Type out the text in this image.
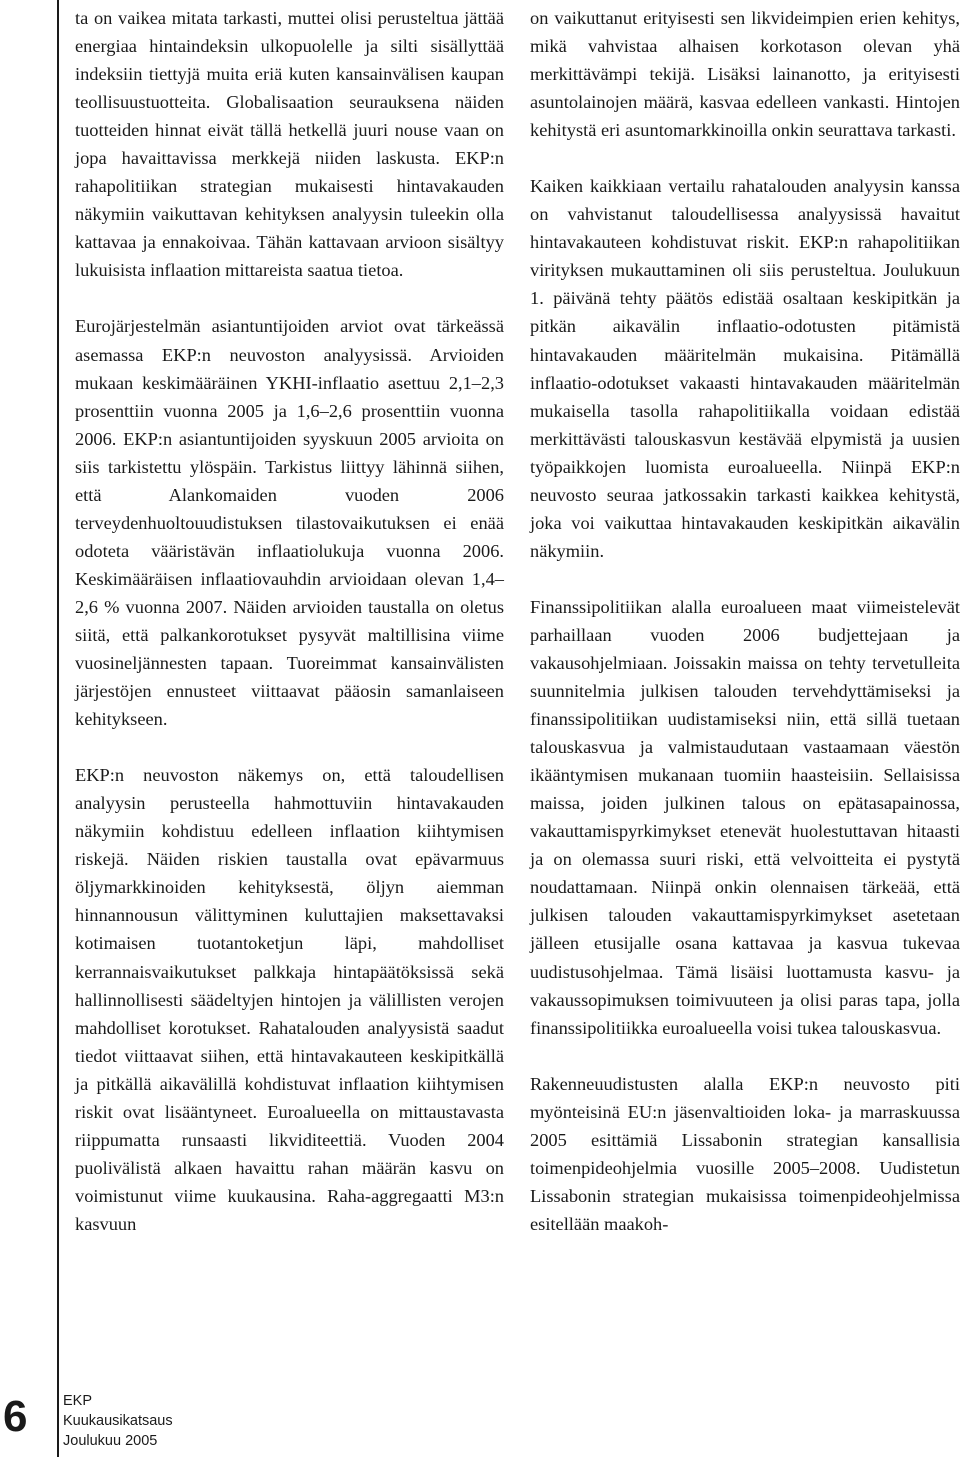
ta on vaikea mitata tarkasti, muttei olisi perusteltua jättää energiaa hintaindeksin ulkopuolelle ja silti sisällyttää indeksiin tiettyjä muita eriä kuten kansainvälisen kaupan teollisuustuotteita. Globalisaation seurauksena näiden tuotteiden hinnat eivät tällä hetkellä juuri nouse vaan on jopa havaittavissa merkkejä niiden laskusta. EKP:n rahapolitiikan strategian mukaisesti hintavakauden näkymiin vaikuttavan kehityksen analyysin tuleekin olla kattavaa ja ennakoivaa. Tähän kattavaan arvioon sisältyy lukuisista inflaation mittareista saatua tietoa.

Eurojärjestelmän asiantuntijoiden arviot ovat tärkeässä asemassa EKP:n neuvoston analyysissä. Arvioiden mukaan keskimääräinen YKHI-inflaatio asettuu 2,1–2,3 prosenttiin vuonna 2005 ja 1,6–2,6 prosenttiin vuonna 2006. EKP:n asiantuntijoiden syyskuun 2005 arvioita on siis tarkistettu ylöspäin. Tarkistus liittyy lähinnä siihen, että Alankomaiden vuoden 2006 terveydenhuoltouudistuksen tilastovaikutuksen ei enää odoteta vääristävän inflaatiolukuja vuonna 2006. Keskimääräisen inflaatiovauhdin arvioidaan olevan 1,4–2,6 % vuonna 2007. Näiden arvioiden taustalla on oletus siitä, että palkankorotukset pysyvät maltillisina viime vuosineljännesten tapaan. Tuoreimmat kansainvälisten järjestöjen ennusteet viittaavat pääosin samanlaiseen kehitykseen.

EKP:n neuvoston näkemys on, että taloudellisen analyysin perusteella hahmottuviin hintavakauden näkymiin kohdistuu edelleen inflaation kiihtymisen riskejä. Näiden riskien taustalla ovat epävarmuus öljymarkkinoiden kehityksestä, öljyn aiemman hinnannousun välittyminen kuluttajien maksettavaksi kotimaisen tuotantoketjun läpi, mahdolliset kerrannaisvaikutukset palkkaja hintapäätöksissä sekä hallinnollisesti säädeltyjen hintojen ja välillisten verojen mahdolliset korotukset. Rahatalouden analyysistä saadut tiedot viittaavat siihen, että hintavakauteen keskipitkällä ja pitkällä aikavälillä kohdistuvat inflaation kiihtymisen riskit ovat lisääntyneet. Euroalueella on mittaustavasta riippumatta runsaasti likviditeettiä. Vuoden 2004 puolivälistä alkaen havaittu rahan määrän kasvu on voimistunut viime kuukausina. Raha-aggregaatti M3:n kasvuun

on vaikuttanut erityisesti sen likvideimpien erien kehitys, mikä vahvistaa alhaisen korkotason olevan yhä merkittävämpi tekijä. Lisäksi lainanotto, ja erityisesti asuntolainojen määrä, kasvaa edelleen vankasti. Hintojen kehitystä eri asuntomarkkinoilla onkin seurattava tarkasti.

Kaiken kaikkiaan vertailu rahatalouden analyysin kanssa on vahvistanut taloudellisessa analyysissä havaitut hintavakauteen kohdistuvat riskit. EKP:n rahapolitiikan virityksen mukauttaminen oli siis perusteltua. Joulukuun 1. päivänä tehty päätös edistää osaltaan keskipitkän ja pitkän aikavälin inflaatio-odotusten pitämistä hintavakauden määritelmän mukaisina. Pitämällä inflaatio-odotukset vakaasti hintavakauden määritelmän mukaisella tasolla rahapolitiikalla voidaan edistää merkittävästi talouskasvun kestävää elpymistä ja uusien työpaikkojen luomista euroalueella. Niinpä EKP:n neuvosto seuraa jatkossakin tarkasti kaikkea kehitystä, joka voi vaikuttaa hintavakauden keskipitkän aikavälin näkymiin.

Finanssipolitiikan alalla euroalueen maat viimeistelevät parhaillaan vuoden 2006 budjettejaan ja vakausohjelmiaan. Joissakin maissa on tehty tervetulleita suunnitelmia julkisen talouden tervehdyttämiseksi ja finanssipolitiikan uudistamiseksi niin, että sillä tuetaan talouskasvua ja valmistaudutaan vastaamaan väestön ikääntymisen mukanaan tuomiin haasteisiin. Sellaisissa maissa, joiden julkinen talous on epätasapainossa, vakauttamispyrkimykset etenevät huolestuttavan hitaasti ja on olemassa suuri riski, että velvoitteita ei pystytä noudattamaan. Niinpä onkin olennaisen tärkeää, että julkisen talouden vakauttamispyrkimykset asetetaan jälleen etusijalle osana kattavaa ja kasvua tukevaa uudistusohjelmaa. Tämä lisäisi luottamusta kasvu- ja vakaussopimuksen toimivuuteen ja olisi paras tapa, jolla finanssipolitiikka euroalueella voisi tukea talouskasvua.

Rakenneuudistusten alalla EKP:n neuvosto piti myönteisinä EU:n jäsenvaltioiden loka- ja marraskuussa 2005 esittämiä Lissabonin strategian kansallisia toimenpideohjelmia vuosille 2005–2008. Uudistetun Lissabonin strategian mukaisissa toimenpideohjelmissa esitellään maakoh-

6 EKP
Kuukausikatsaus
Joulukuu 2005
